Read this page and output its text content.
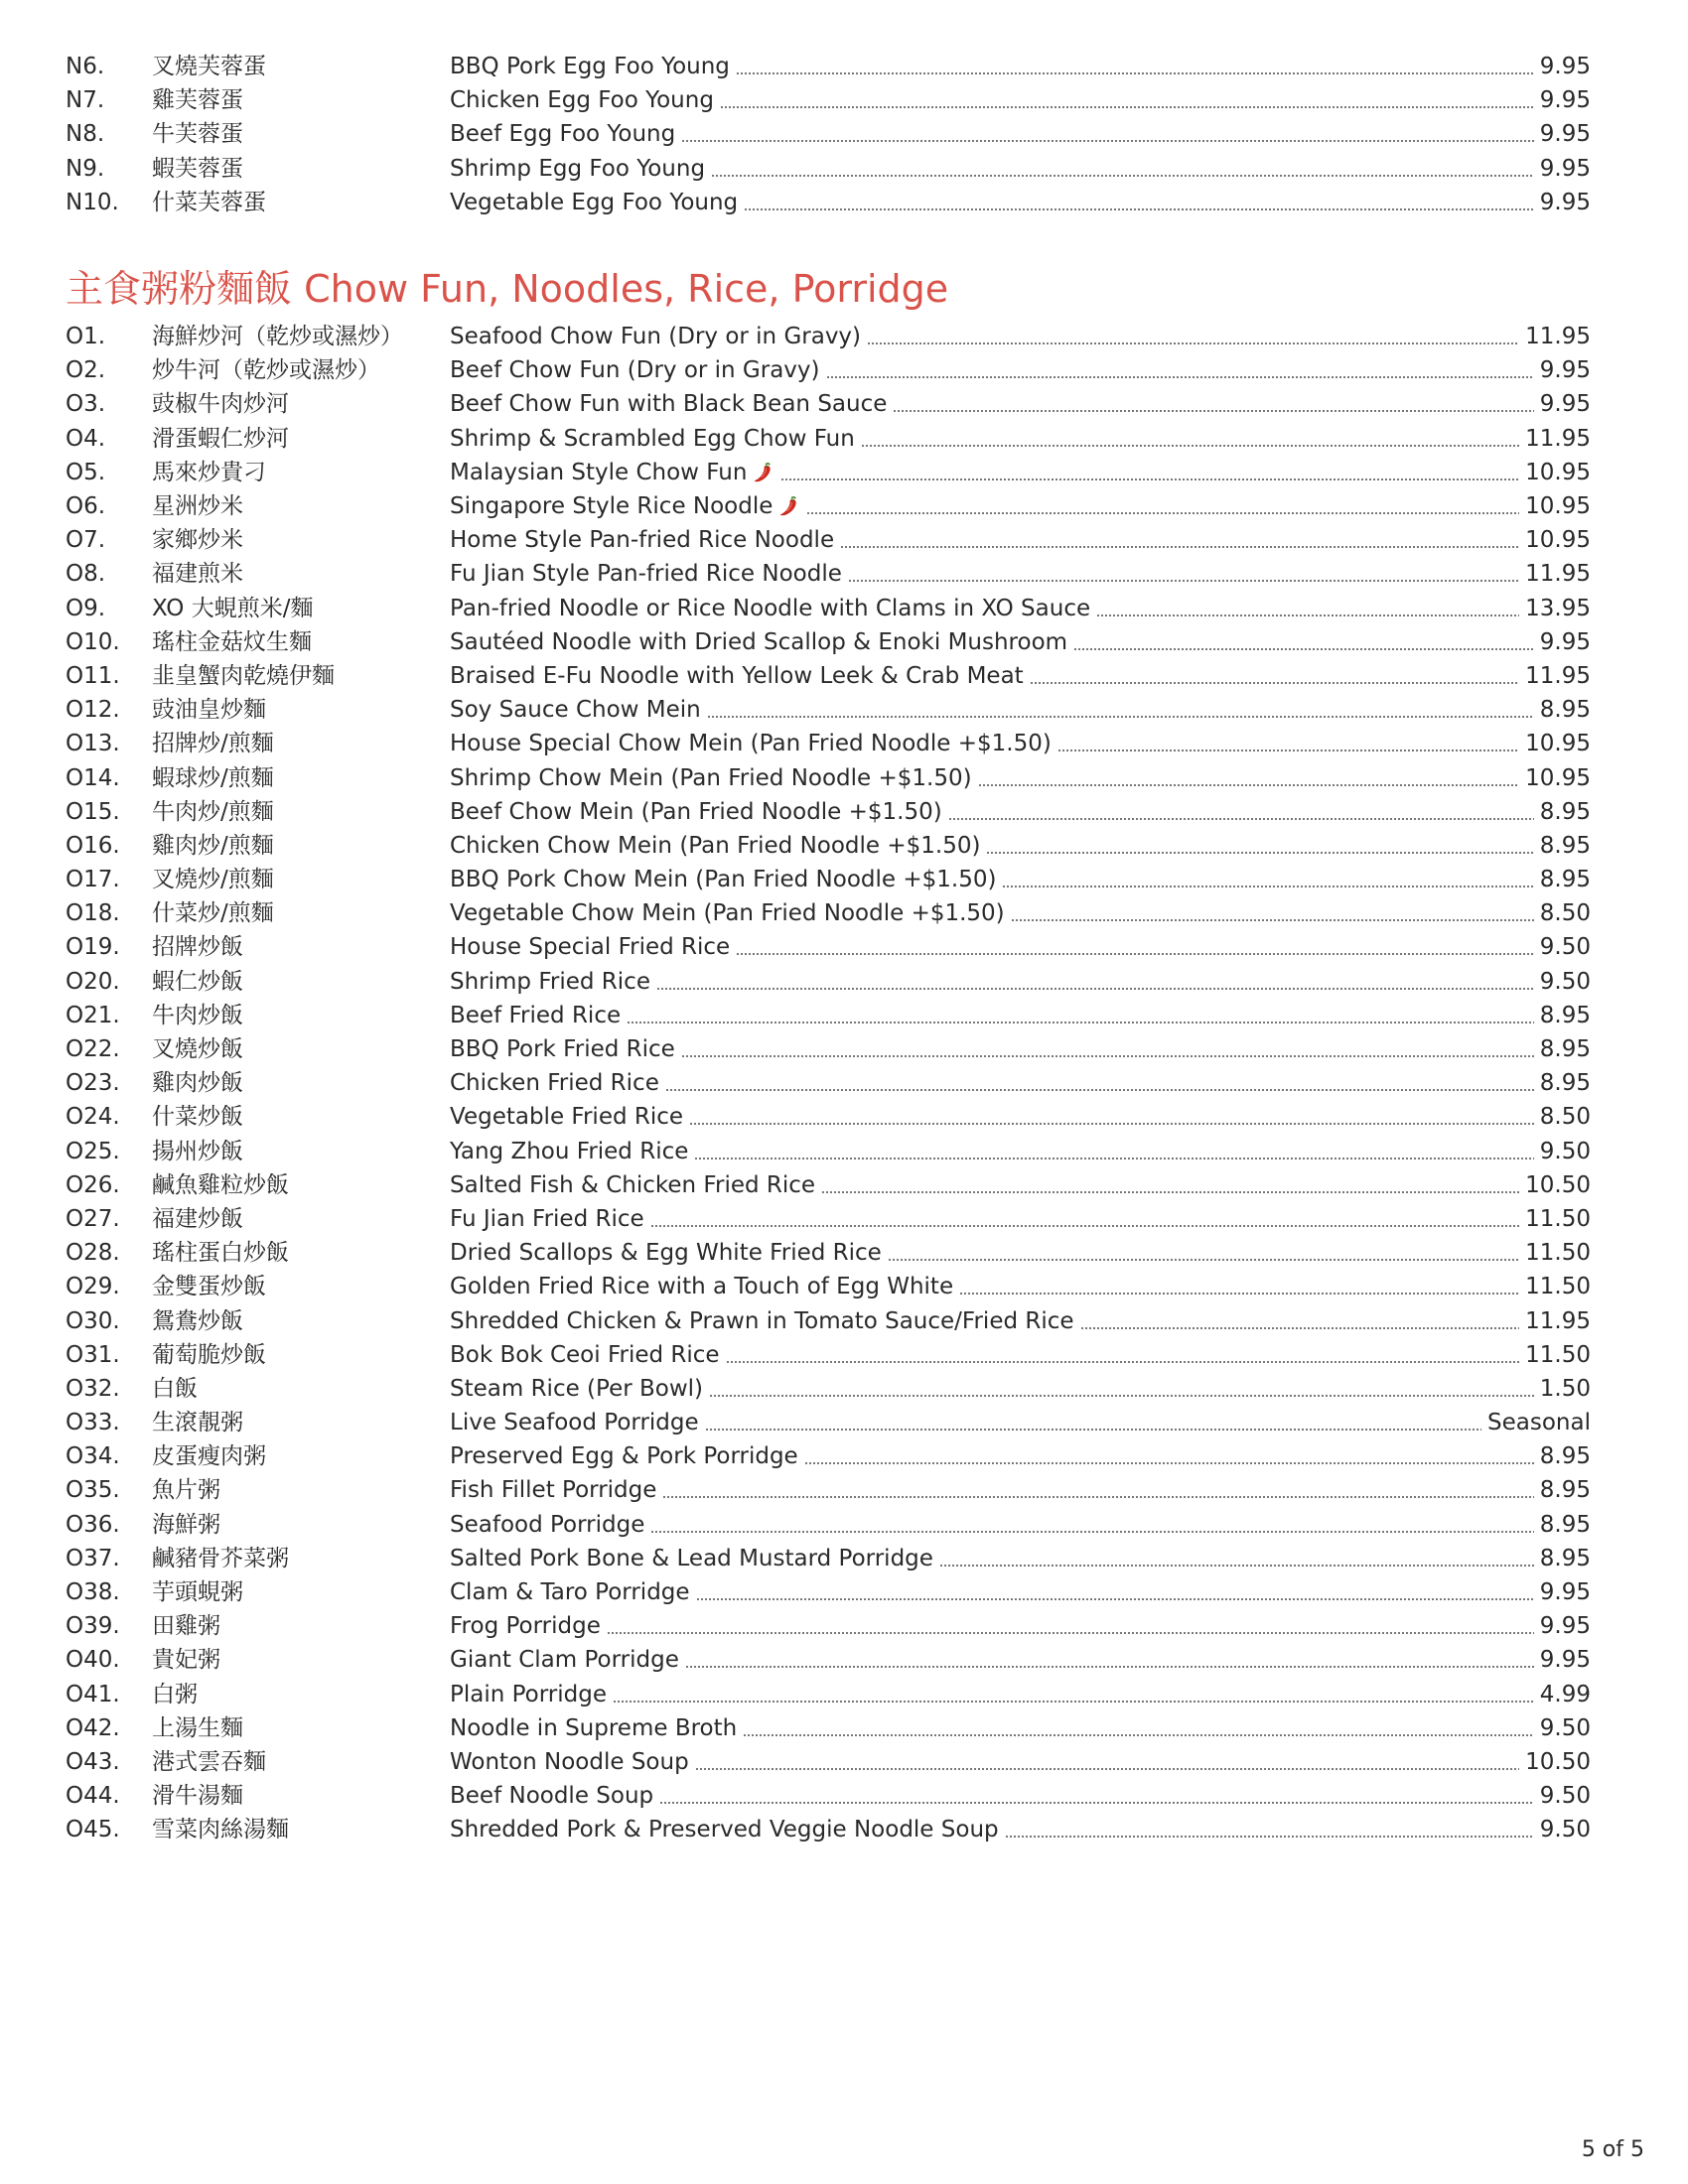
N6.	叉燒芙蓉蛋	BBQ Pork Egg Foo Young	9.95
N7.	雞芙蓉蛋	Chicken Egg Foo Young	9.95
N8.	牛芙蓉蛋	Beef Egg Foo Young	9.95
N9.	蝦芙蓉蛋	Shrimp Egg Foo Young	9.95
N10.	什菜芙蓉蛋	Vegetable Egg Foo Young	9.95
主食粥粉麵飯 Chow Fun, Noodles, Rice, Porridge
O1.	海鮮炒河（乾炒或濕炒）	Seafood Chow Fun (Dry or in Gravy)	11.95
O2.	炒牛河（乾炒或濕炒）	Beef Chow Fun (Dry or in Gravy)	9.95
O3.	豉椒牛肉炒河	Beef Chow Fun with Black Bean Sauce	9.95
O4.	滑蛋蝦仁炒河	Shrimp & Scrambled Egg Chow Fun	11.95
O5.	馬來炒貴刁	Malaysian Style Chow Fun	10.95
O6.	星洲炒米	Singapore Style Rice Noodle	10.95
O7.	家鄉炒米	Home Style Pan-fried Rice Noodle	10.95
O8.	福建煎米	Fu Jian Style Pan-fried Rice Noodle	11.95
O9.	XO 大蜆煎米/麵	Pan-fried Noodle or Rice Noodle with Clams in XO Sauce	13.95
O10.	瑤柱金菇炆生麵	Sautéed Noodle with Dried Scallop & Enoki Mushroom	9.95
O11.	韭皇蟹肉乾燒伊麵	Braised E-Fu Noodle with Yellow Leek & Crab Meat	11.95
O12.	豉油皇炒麵	Soy Sauce Chow Mein	8.95
O13.	招牌炒/煎麵	House Special Chow Mein (Pan Fried Noodle +$1.50)	10.95
O14.	蝦球炒/煎麵	Shrimp Chow Mein (Pan Fried Noodle +$1.50)	10.95
O15.	牛肉炒/煎麵	Beef Chow Mein (Pan Fried Noodle +$1.50)	8.95
O16.	雞肉炒/煎麵	Chicken Chow Mein (Pan Fried Noodle +$1.50)	8.95
O17.	叉燒炒/煎麵	BBQ Pork Chow Mein (Pan Fried Noodle +$1.50)	8.95
O18.	什菜炒/煎麵	Vegetable Chow Mein (Pan Fried Noodle +$1.50)	8.50
O19.	招牌炒飯	House Special Fried Rice	9.50
O20.	蝦仁炒飯	Shrimp Fried Rice	9.50
O21.	牛肉炒飯	Beef Fried Rice	8.95
O22.	叉燒炒飯	BBQ Pork Fried Rice	8.95
O23.	雞肉炒飯	Chicken Fried Rice	8.95
O24.	什菜炒飯	Vegetable Fried Rice	8.50
O25.	揚州炒飯	Yang Zhou Fried Rice	9.50
O26.	鹹魚雞粒炒飯	Salted Fish & Chicken Fried Rice	10.50
O27.	福建炒飯	Fu Jian Fried Rice	11.50
O28.	瑤柱蛋白炒飯	Dried Scallops & Egg White Fried Rice	11.50
O29.	金雙蛋炒飯	Golden Fried Rice with a Touch of Egg White	11.50
O30.	鴛鴦炒飯	Shredded Chicken & Prawn in Tomato Sauce/Fried Rice	11.95
O31.	葡萄脆炒飯	Bok Bok Ceoi Fried Rice	11.50
O32.	白飯	Steam Rice (Per Bowl)	1.50
O33.	生滾靚粥	Live Seafood Porridge	Seasonal
O34.	皮蛋瘦肉粥	Preserved Egg & Pork Porridge	8.95
O35.	魚片粥	Fish Fillet Porridge	8.95
O36.	海鮮粥	Seafood Porridge	8.95
O37.	鹹豬骨芥菜粥	Salted Pork Bone & Lead Mustard Porridge	8.95
O38.	芋頭蜆粥	Clam & Taro Porridge	9.95
O39.	田雞粥	Frog Porridge	9.95
O40.	貴妃粥	Giant Clam Porridge	9.95
O41.	白粥	Plain Porridge	4.99
O42.	上湯生麵	Noodle in Supreme Broth	9.50
O43.	港式雲吞麵	Wonton Noodle Soup	10.50
O44.	滑牛湯麵	Beef Noodle Soup	9.50
O45.	雪菜肉絲湯麵	Shredded Pork & Preserved Veggie Noodle Soup	9.50
5 of 5
